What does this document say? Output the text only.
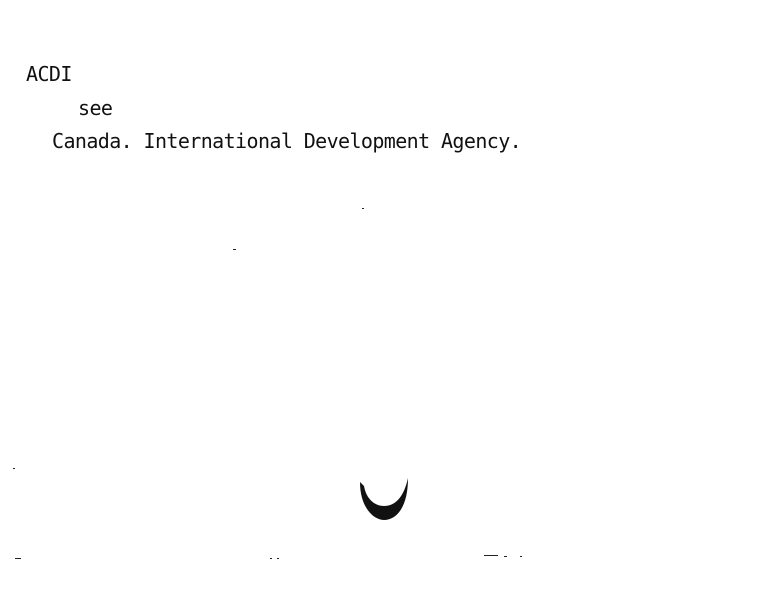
ACDI
see
Canada. International Development Agency.
